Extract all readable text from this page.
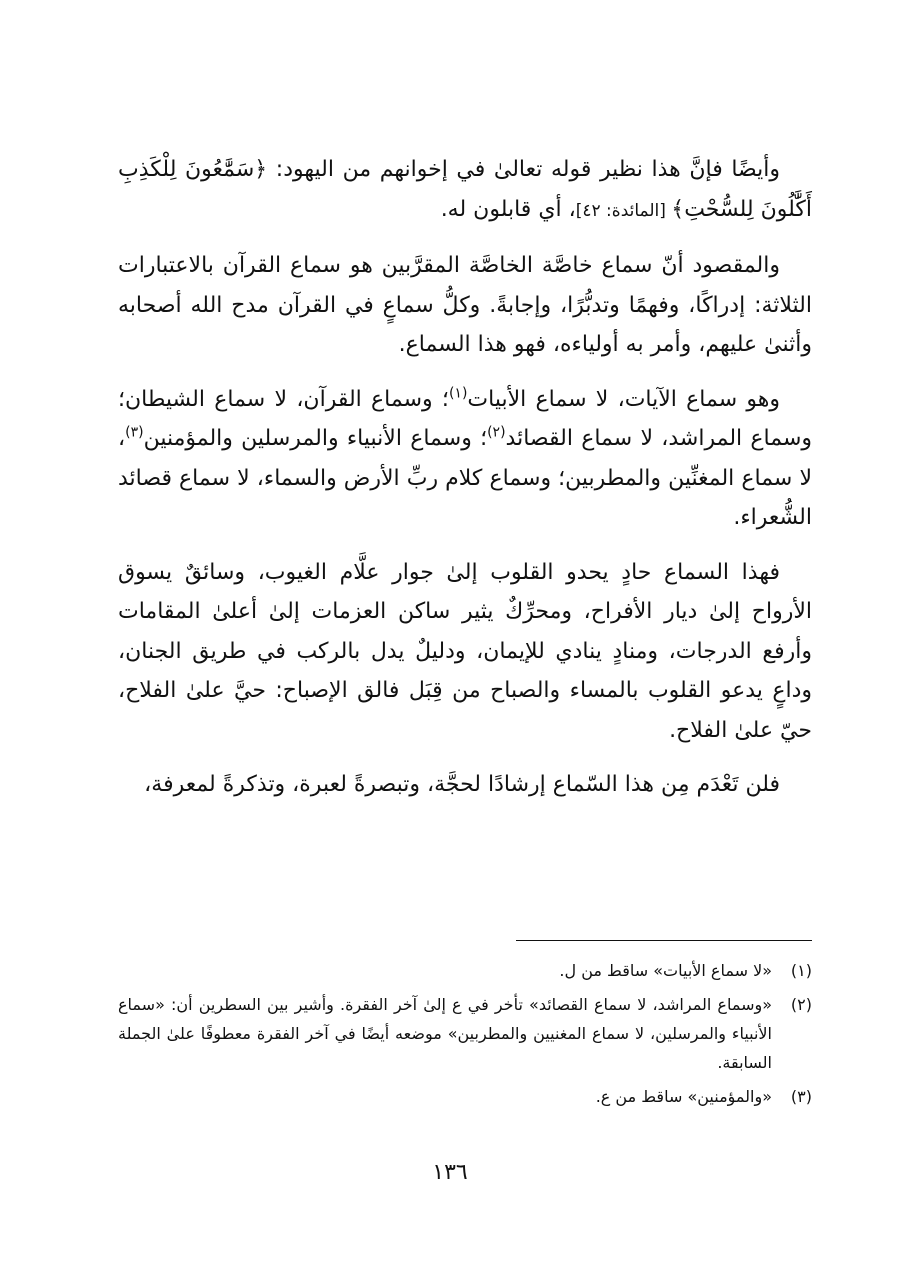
وأيضًا فإنَّ هذا نظير قوله تعالىٰ في إخوانهم من اليهود: ﴿سَمَّٰعُونَ لِلْكَذِبِ أَكَّٰلُونَ لِلسُّحْتِ﴾ [المائدة: ٤٢]، أي قابلون له.

والمقصود أنّ سماع خاصَّة الخاصَّة المقرَّبين هو سماع القرآن بالاعتبارات الثلاثة: إدراكًا، وفهمًا وتدبُّرًا، وإجابةً. وكلُّ سماعٍ في القرآن مدح الله أصحابه وأثنىٰ عليهم، وأمر به أولياءه، فهو هذا السماع.

وهو سماع الآيات، لا سماع الأبيات$^{(١)}$؛ وسماع القرآن، لا سماع الشيطان؛ وسماع المراشد، لا سماع القصائد$^{(٢)}$؛ وسماع الأنبياء والمرسلين والمؤمنين$^{(٣)}$، لا سماع المغنِّين والمطربين؛ وسماع كلام ربِّ الأرض والسماء، لا سماع قصائد الشُّعراء.

فهذا السماع حادٍ يحدو القلوب إلىٰ جوار علَّام الغيوب، وسائقٌ يسوق الأرواح إلىٰ ديار الأفراح، ومحرِّكٌ يثير ساكن العزمات إلىٰ أعلىٰ المقامات وأرفع الدرجات، ومنادٍ ينادي للإيمان، ودليلٌ يدل بالركب في طريق الجنان، وداعٍ يدعو القلوب بالمساء والصباح من قِبَل فالق الإصباح: حيَّ علىٰ الفلاح، حيّ علىٰ الفلاح.

فلن تَعْدَم مِن هذا السّماع إرشادًا لحجَّة، وتبصرةً لعبرة، وتذكرةً لمعرفة،

(١)
«لا سماع الأبيات» ساقط من ل.

(٢)
«وسماع المراشد، لا سماع القصائد» تأخر في ع إلىٰ آخر الفقرة. وأشير بين السطرين أن: «سماع الأنبياء والمرسلين، لا سماع المغنيين والمطربين» موضعه أيضًا في آخر الفقرة معطوفًا علىٰ الجملة السابقة.

(٣)
«والمؤمنين» ساقط من ع.

١٣٦
